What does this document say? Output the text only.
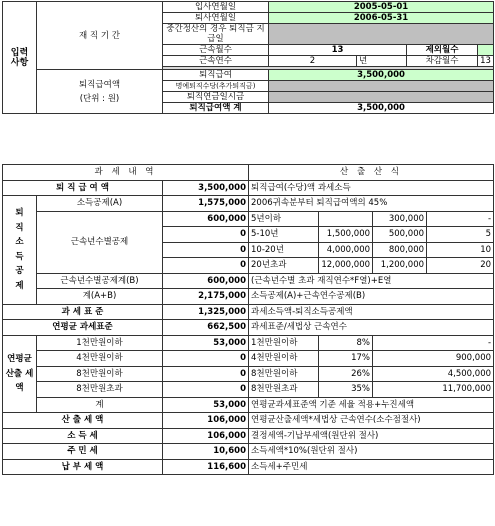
입력사항	재 직 기 간	입사연월일	2005-05-01			
		퇴사연월일	2006-05-31			
		중간정산의 경우 퇴직금 지급일				

		근속월수	13		제외월수	
		근속연수	2	년	차감월수	13

	퇴직급여액
(단위 : 원)	퇴직급여	3,500,000			
		명예퇴직수당(추가퇴직금)				

		퇴직연금일시금				

		퇴직급여액 계	3,500,000			
과 세 내 역			산 출 산 식			
퇴 직 급 여 액		3,500,000	퇴직급여(수당)액 과세소득			
퇴직소득공제	소득공제(A)	1,575,000	2006귀속분부터 퇴직급여액의 45%			
	근속년수별공제	600,000	5년이하		300,000	-
		0	5-10년	1,500,000	500,000	5
		0	10-20년	4,000,000	800,000	10
		0	20년초과	12,000,000	1,200,000	20
	근속년수별공제계(B)	600,000	(근속년수별 초과 재직연수*F열)+E열			
	계(A+B)	2,175,000	소득공제(A)+근속연수공제(B)			

과 세 표 준		1,325,000	과세소득액-퇴직소득공제액			
연평균 과세표준		662,500	과세표준/세법상 근속연수			
연평균 산출 세액	1천만원이하	53,000	1천만원이하	8%	-	
	4천만원이하	0	4천만원이하	17%	900,000	
	8천만원이하	0	8천만원이하	26%	4,500,000	
	8천만원초과	0	8천만원초과	35%	11,700,000	
	계	53,000	연평균과세표준액 기준 세율 적용+누진세액			
산 출 세 액		106,000	연평균산출세액*세법상 근속연수(소수점절사)			
소 득 세		106,000	결정세액-기납부세액(원단위 절사)			
주 민 세		10,600	소득세액*10%(원단위 절사)			
납 부 세 액		116,600	소득세+주민세			
